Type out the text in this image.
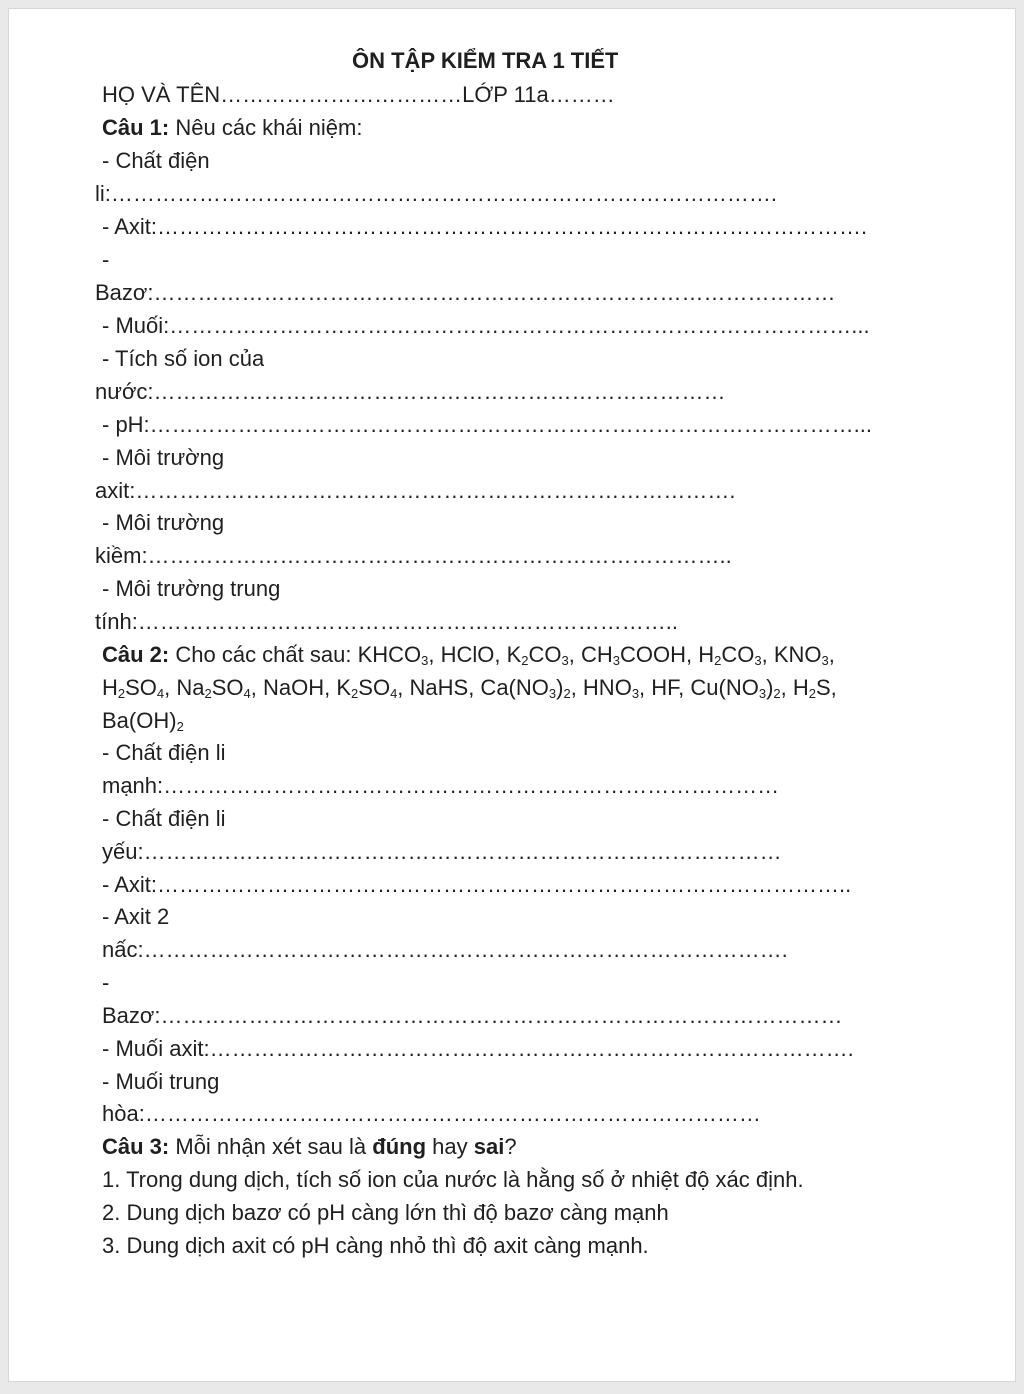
ÔN TẬP KIỂM TRA 1 TIẾT
HỌ VÀ TÊN……………………………LỚP 11a………
Câu 1: Nêu các khái niệm:
- Chất điện
li:……………………………………………………………………………….
- Axit:…………………………………………………………………………………….
-
Bazơ:…………………………………………………………………………………
- Muối:…………………………………………………………………………………...
- Tích số ion của
nước:……………………………………………………………………
- pH:……………………………………………………………………………………...
- Môi trường
axit:……………………………………………………………………….
- Môi trường
kiềm:……………………………………………………………………..
- Môi trường trung
tính:………………………………………………………………..
Câu 2: Cho các chất sau: $KHCO_3$, HClO, $K_2CO_3$, $CH_3COOH$, $H_2CO_3$, $KNO_3$,
$H_2SO_4$, $Na_2SO_4$, NaOH, $K_2SO_4$, NaHS, $Ca(NO_3)_2$, $HNO_3$, HF, $Cu(NO_3)_2$, $H_2S$,
$Ba(OH)_2$
- Chất điện li
mạnh:…………………………………………………………………………
- Chất điện li
yếu:……………………………………………………………………………
- Axit:…………………………………………………………………………………..
- Axit 2
nấc:…………………………………………………………………………….
-
Bazơ:…………………………………………………………………………………
- Muối axit:…………………………………………………………………………….
- Muối trung
hòa:…………………………………………………………………………
Câu 3: Mỗi nhận xét sau là đúng hay sai?
1. Trong dung dịch, tích số ion của nước là hằng số ở nhiệt độ xác định.
2. Dung dịch bazơ có pH càng lớn thì độ bazơ càng mạnh
3. Dung dịch axit có pH càng nhỏ thì độ axit càng mạnh.
